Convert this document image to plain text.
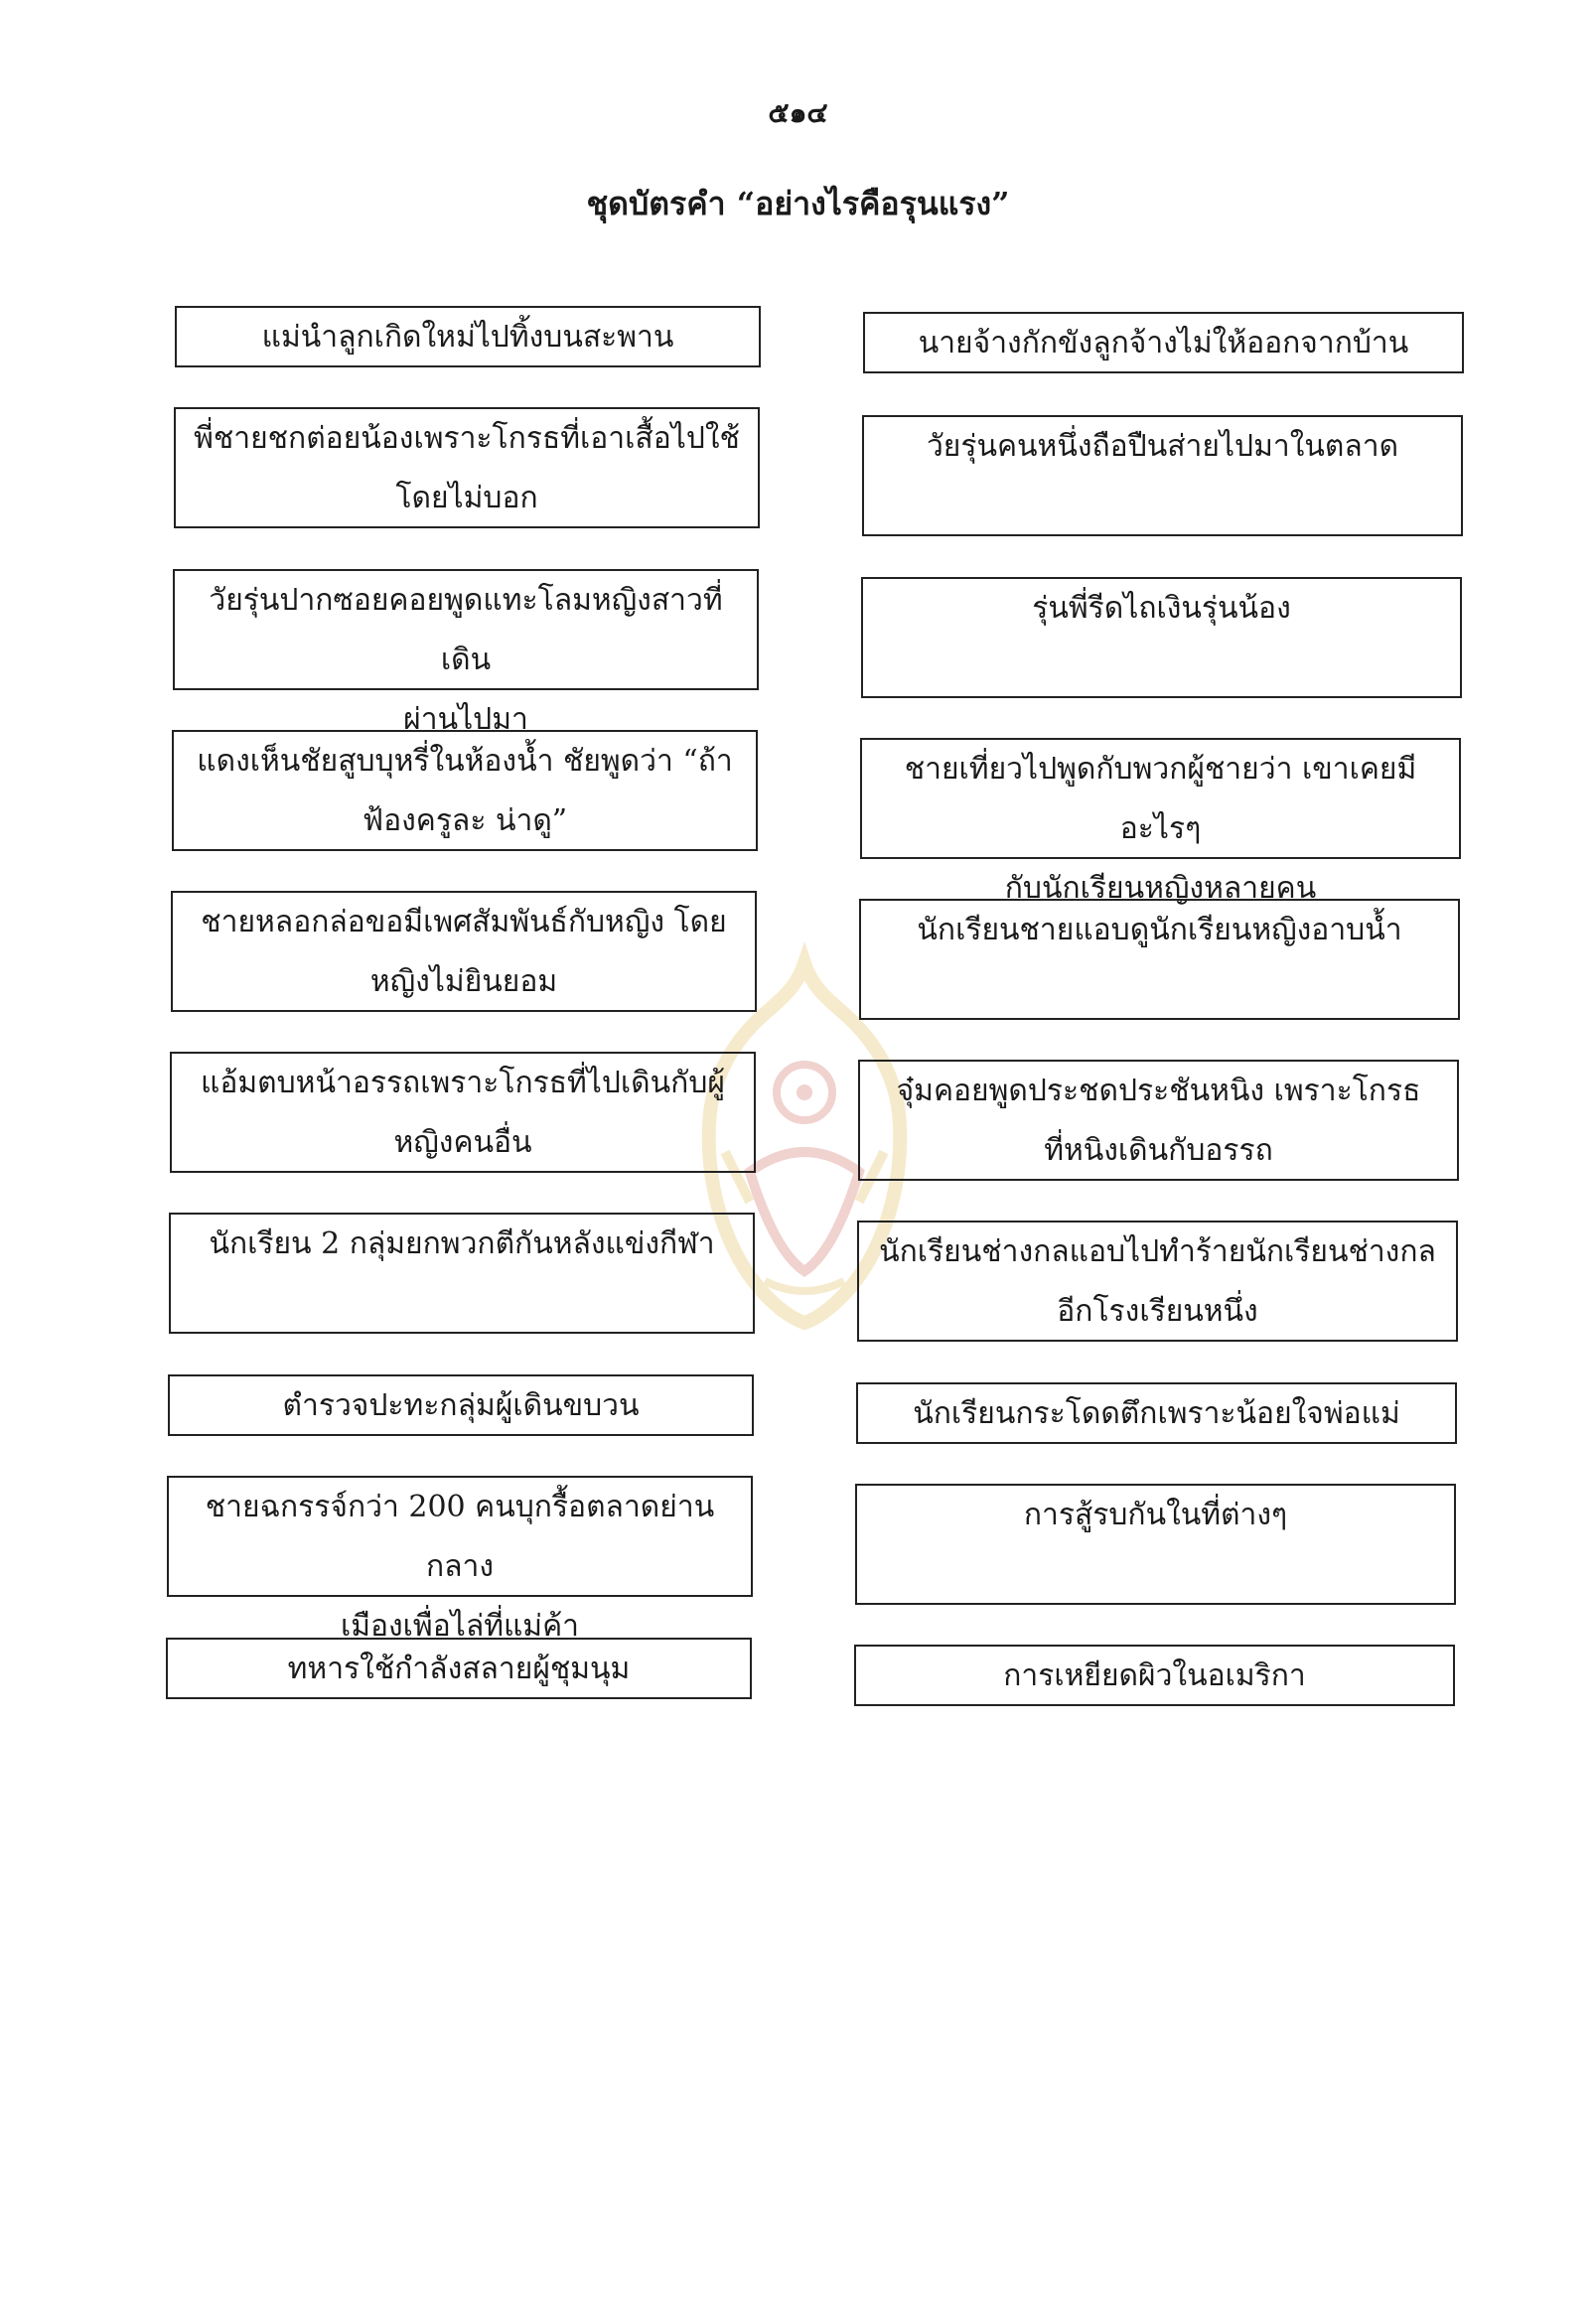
๕๑๔
ชุดบัตรคำ “อย่างไรคือรุนแรง”
แม่นำลูกเกิดใหม่ไปทิ้งบนสะพาน
พี่ชายชกต่อยน้องเพราะโกรธที่เอาเสื้อไปใช้
โดยไม่บอก
วัยรุ่นปากซอยคอยพูดแทะโลมหญิงสาวที่เดิน
ผ่านไปมา
แดงเห็นชัยสูบบุหรี่ในห้องน้ำ ชัยพูดว่า “ถ้า
ฟ้องครูละ น่าดู”
ชายหลอกล่อขอมีเพศสัมพันธ์กับหญิง โดย
หญิงไม่ยินยอม
แอ้มตบหน้าอรรถเพราะโกรธที่ไปเดินกับผู้
หญิงคนอื่น
นักเรียน 2 กลุ่มยกพวกตีกันหลังแข่งกีฬา
ตำรวจปะทะกลุ่มผู้เดินขบวน
ชายฉกรรจ์กว่า 200 คนบุกรื้อตลาดย่านกลาง
เมืองเพื่อไล่ที่แม่ค้า
ทหารใช้กำลังสลายผู้ชุมนุม
นายจ้างกักขังลูกจ้างไม่ให้ออกจากบ้าน
วัยรุ่นคนหนึ่งถือปืนส่ายไปมาในตลาด
รุ่นพี่รีดไถเงินรุ่นน้อง
ชายเที่ยวไปพูดกับพวกผู้ชายว่า เขาเคยมีอะไรๆ
กับนักเรียนหญิงหลายคน
นักเรียนชายแอบดูนักเรียนหญิงอาบน้ำ
จุ๋มคอยพูดประชดประชันหนิง เพราะโกรธ
ที่หนิงเดินกับอรรถ
นักเรียนช่างกลแอบไปทำร้ายนักเรียนช่างกล
อีกโรงเรียนหนึ่ง
นักเรียนกระโดดตึกเพราะน้อยใจพ่อแม่
การสู้รบกันในที่ต่างๆ
การเหยียดผิวในอเมริกา
